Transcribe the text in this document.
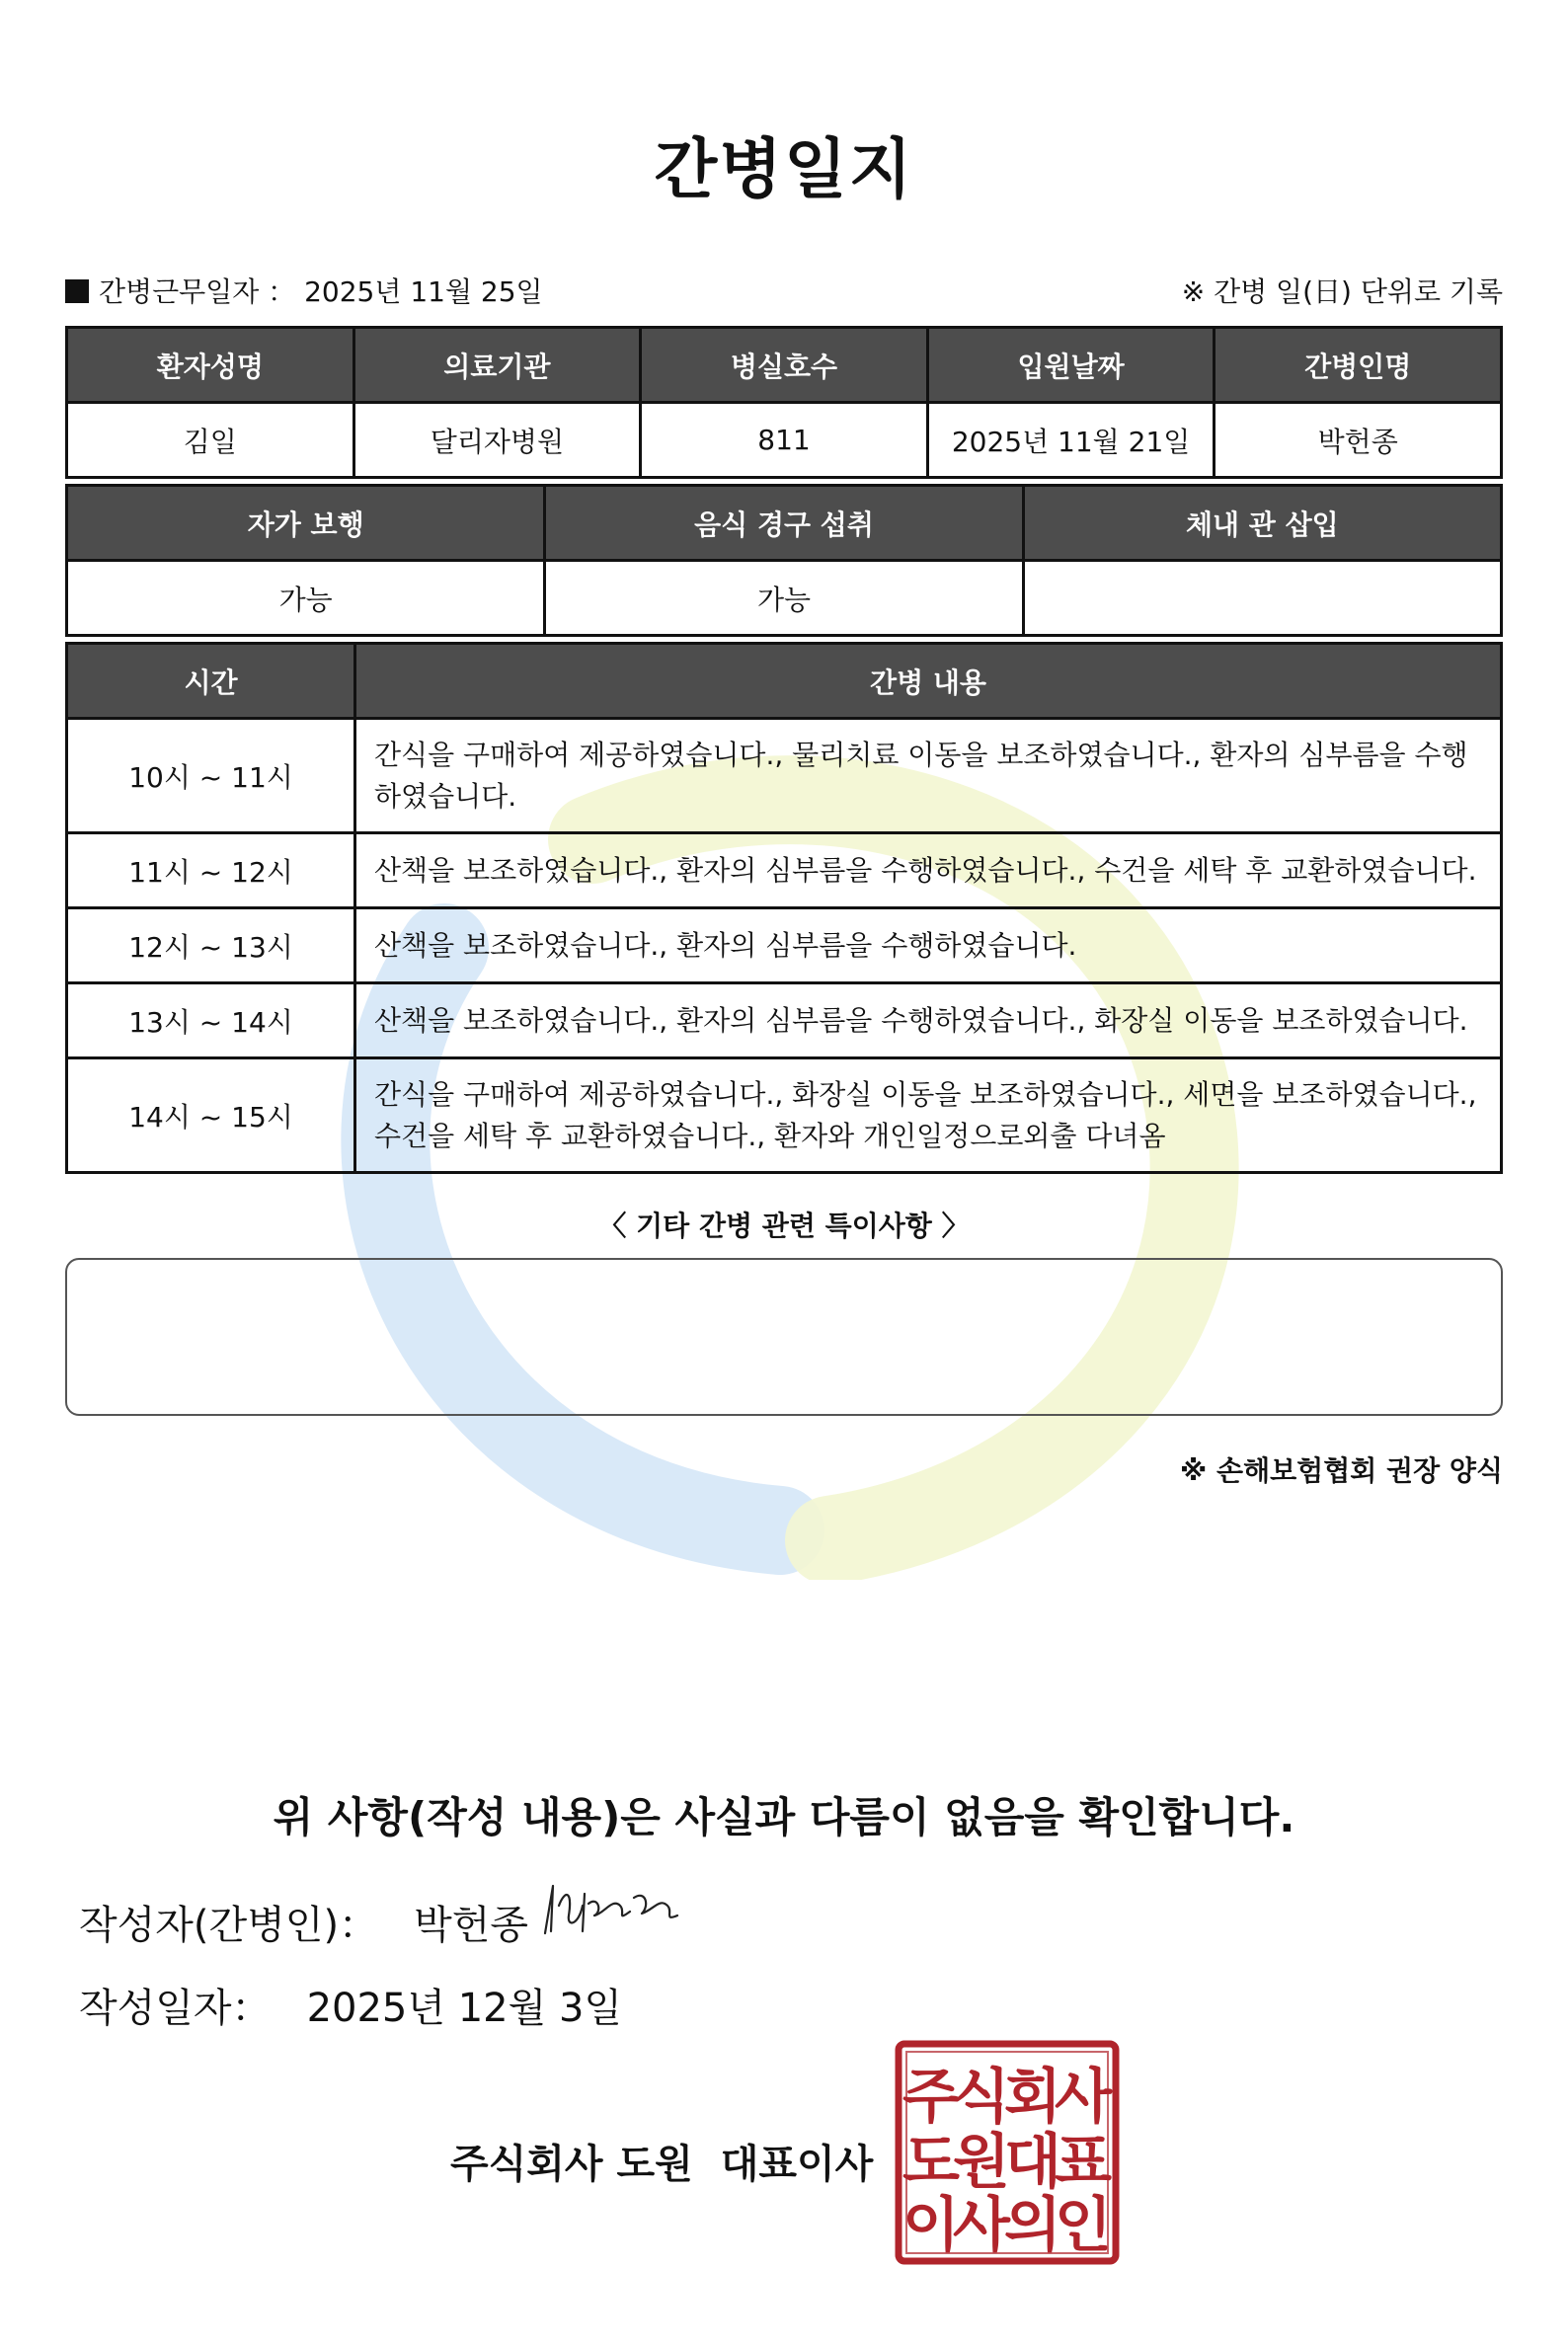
간병일지
간병근무일자 ： 2025년 11월 25일	※ 간병 일(日) 단위로 기록
환자성명	의료기관	병실호수	입원날짜	간병인명
김일	달리자병원	811	2025년 11월 21일	박헌종
자가 보행	음식 경구 섭취	체내 관 삽입
가능	가능	
시간	간병 내용
10시 ~ 11시	간식을 구매하여 제공하였습니다., 물리치료 이동을 보조하였습니다., 환자의 심부름을 수행하였습니다.
11시 ~ 12시	산책을 보조하였습니다., 환자의 심부름을 수행하였습니다., 수건을 세탁 후 교환하였습니다.
12시 ~ 13시	산책을 보조하였습니다., 환자의 심부름을 수행하였습니다.
13시 ~ 14시	산책을 보조하였습니다., 환자의 심부름을 수행하였습니다., 화장실 이동을 보조하였습니다.
14시 ~ 15시	간식을 구매하여 제공하였습니다., 화장실 이동을 보조하였습니다., 세면을 보조하였습니다., 수건을 세탁 후 교환하였습니다., 환자와 개인일정으로외출 다녀옴
〈 기타 간병 관련 특이사항 〉
※ 손해보험협회 권장 양식
위 사항(작성 내용)은 사실과 다름이 없음을 확인합니다.
작성자(간병인)： 박헌종
작성일자： 2025년 12월 3일
주식회사 도원 대표이사
주
식
회
사
도
원
대
표
이
사
의
인
